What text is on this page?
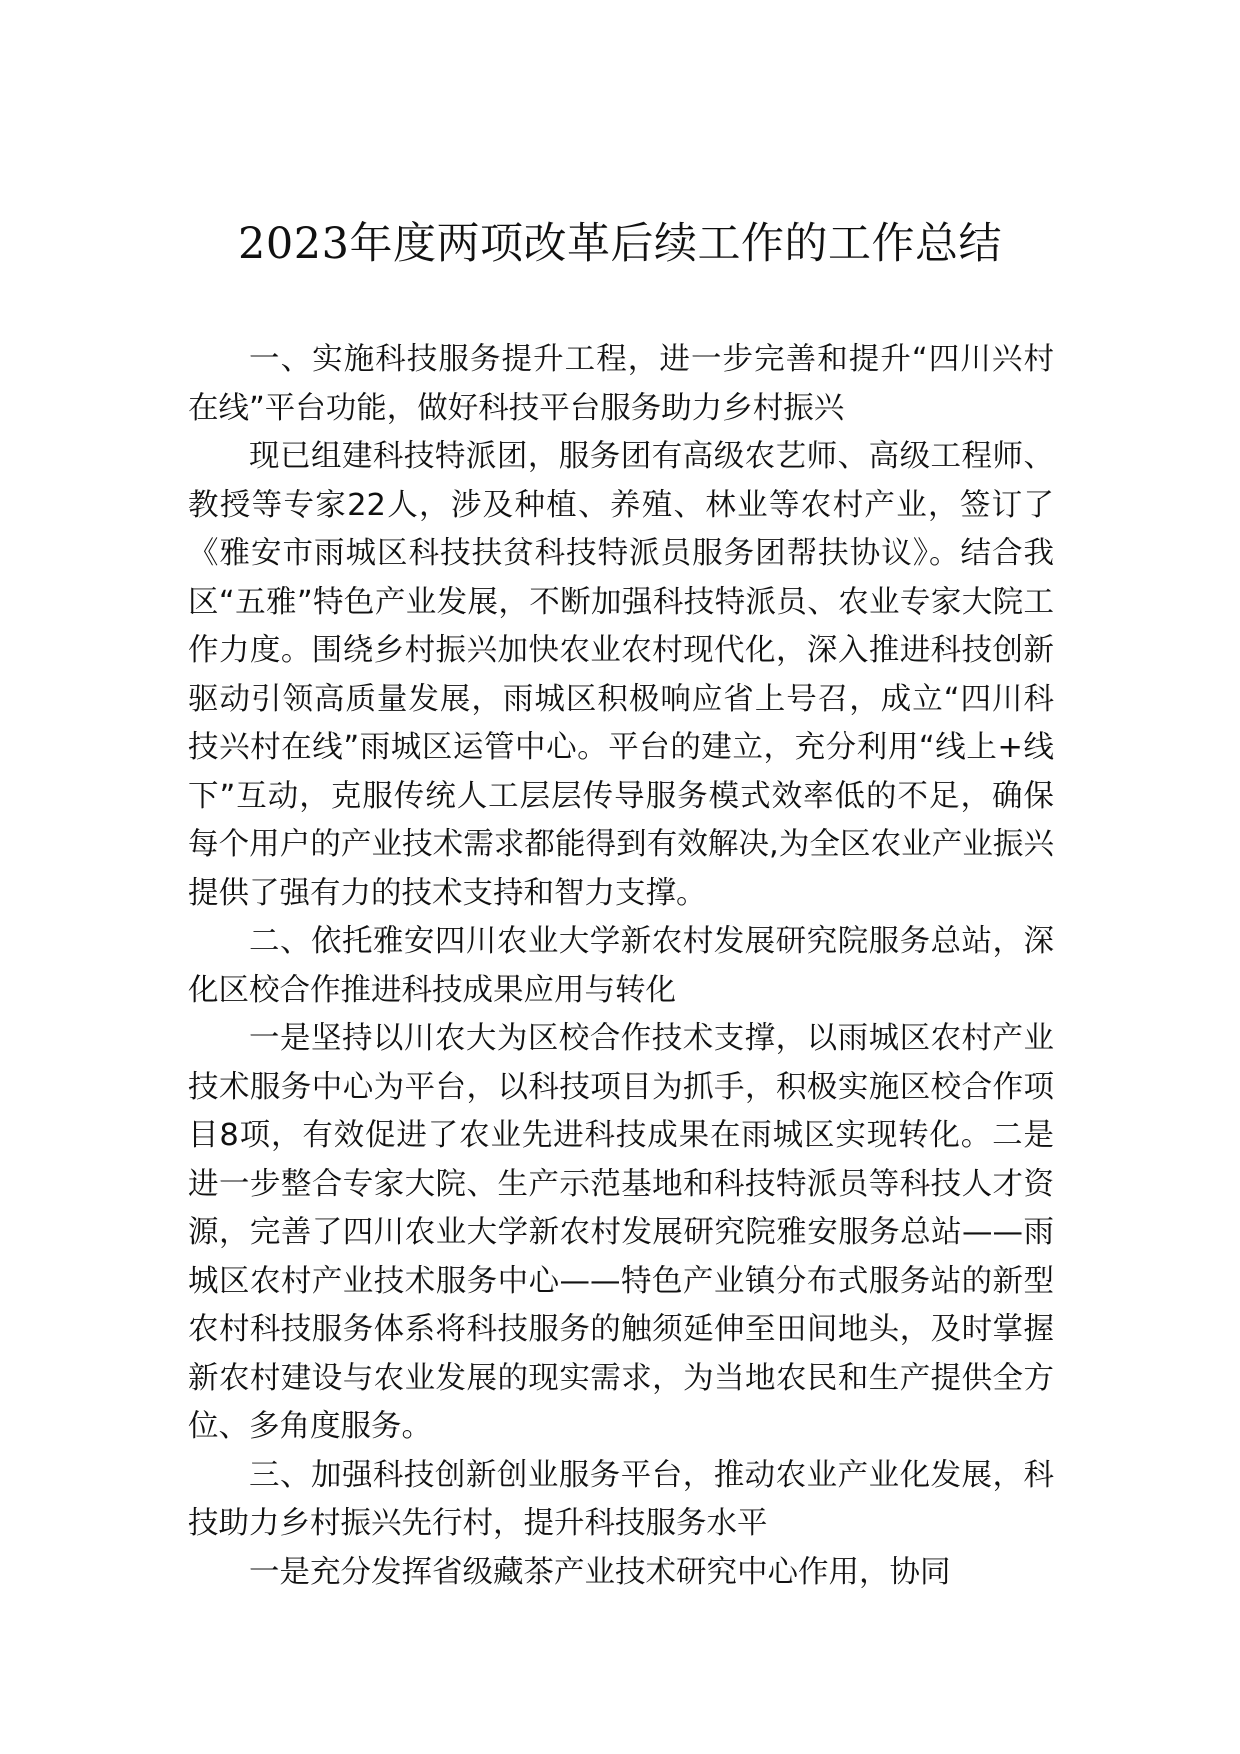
2023年度两项改革后续工作的工作总结

一、实施科技服务提升工程，进一步完善和提升“四川兴村在线”平台功能，做好科技平台服务助力乡村振兴

现已组建科技特派团，服务团有高级农艺师、高级工程师、教授等专家22人，涉及种植、养殖、林业等农村产业，签订了《雅安市雨城区科技扶贫科技特派员服务团帮扶协议》。结合我区“五雅”特色产业发展，不断加强科技特派员、农业专家大院工作力度。围绕乡村振兴加快农业农村现代化，深入推进科技创新驱动引领高质量发展，雨城区积极响应省上号召，成立“四川科技兴村在线”雨城区运管中心。平台的建立，充分利用“线上+线下”互动，克服传统人工层层传导服务模式效率低的不足，确保每个用户的产业技术需求都能得到有效解决,为全区农业产业振兴提供了强有力的技术支持和智力支撑。

二、依托雅安四川农业大学新农村发展研究院服务总站，深化区校合作推进科技成果应用与转化

一是坚持以川农大为区校合作技术支撑，以雨城区农村产业技术服务中心为平台，以科技项目为抓手，积极实施区校合作项目8项，有效促进了农业先进科技成果在雨城区实现转化。二是进一步整合专家大院、生产示范基地和科技特派员等科技人才资源，完善了四川农业大学新农村发展研究院雅安服务总站——雨城区农村产业技术服务中心——特色产业镇分布式服务站的新型农村科技服务体系将科技服务的触须延伸至田间地头，及时掌握新农村建设与农业发展的现实需求，为当地农民和生产提供全方位、多角度服务。

三、加强科技创新创业服务平台，推动农业产业化发展，科技助力乡村振兴先行村，提升科技服务水平

一是充分发挥省级藏茶产业技术研究中心作用，协同
